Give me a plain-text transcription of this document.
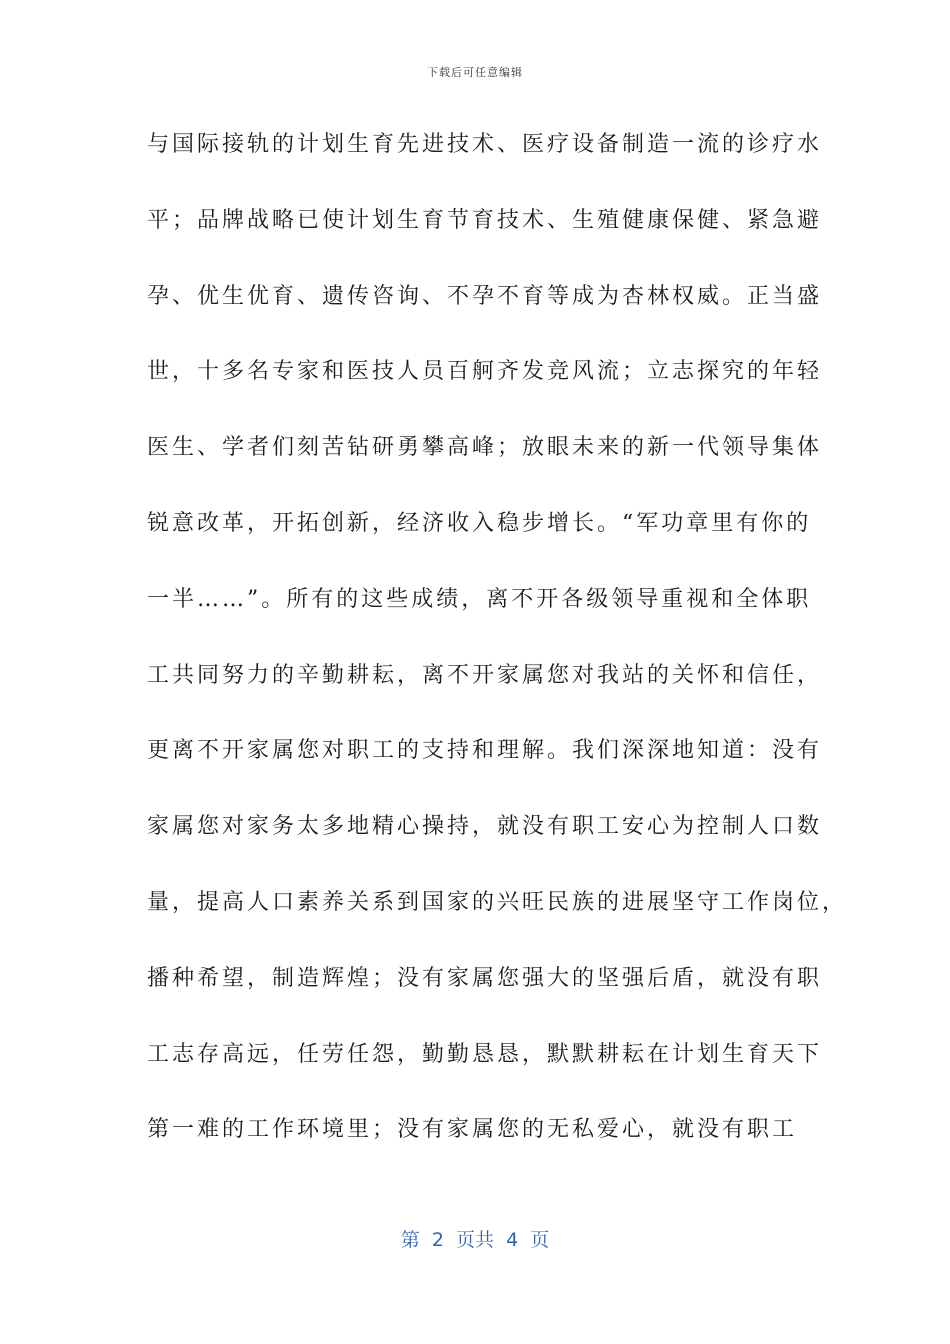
下载后可任意编辑
与国际接轨的计划生育先进技术、医疗设备制造一流的诊疗水
平；品牌战略已使计划生育节育技术、生殖健康保健、紧急避
孕、优生优育、遗传咨询、不孕不育等成为杏林权威。正当盛
世，十多名专家和医技人员百舸齐发竞风流；立志探究的年轻
医生、学者们刻苦钻研勇攀高峰；放眼未来的新一代领导集体
锐意改革，开拓创新，经济收入稳步增长。“军功章里有你的
一半……”。所有的这些成绩，离不开各级领导重视和全体职
工共同努力的辛勤耕耘，离不开家属您对我站的关怀和信任，
更离不开家属您对职工的支持和理解。我们深深地知道：没有
家属您对家务太多地精心操持，就没有职工安心为控制人口数
量，提高人口素养关系到国家的兴旺民族的进展坚守工作岗位，
播种希望，制造辉煌；没有家属您强大的坚强后盾，就没有职
工志存高远，任劳任怨，勤勤恳恳，默默耕耘在计划生育天下
第一难的工作环境里；没有家属您的无私爱心，就没有职工
第  2  页共  4  页
